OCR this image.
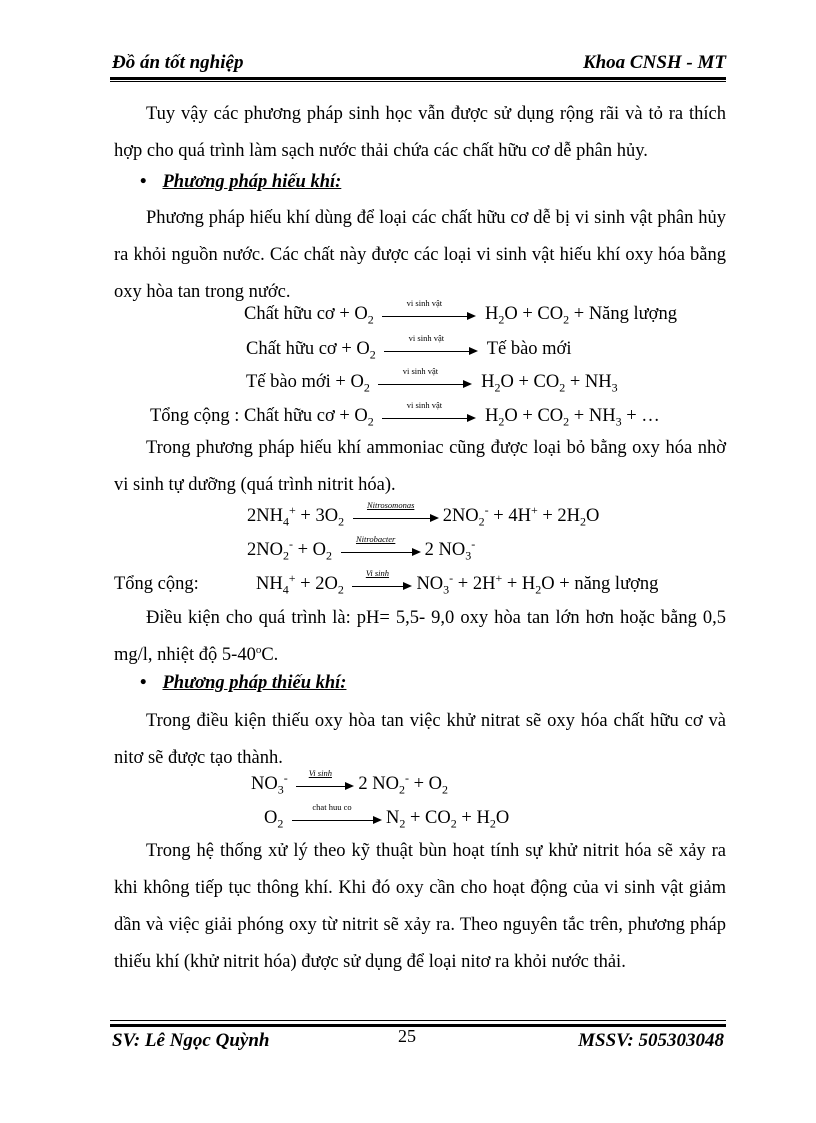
Đồ án tốt nghiệp	Khoa CNSH - MT

Tuy vậy các phương pháp sinh học vẫn được sử dụng rộng rãi và tỏ ra thích hợp cho quá trình làm sạch nước thải chứa các chất hữu cơ dễ phân hủy.

• Phương pháp hiếu khí:

Phương pháp hiếu khí dùng để loại các chất hữu cơ dễ bị vi sinh vật phân hủy ra khỏi nguồn nước. Các chất này được các loại vi sinh vật hiếu khí oxy hóa bằng oxy hòa tan trong nước.

Chất hữu cơ + $O_2$
vi sinh vật
$H_2O + CO_2$ + Năng lượng
Chất hữu cơ + $O_2$
vi sinh vật
Tế bào mới
Tế bào mới + $O_2$
vi sinh vật
$H_2O + CO_2 + NH_3$
Tổng cộng : Chất hữu cơ + $O_2$
vi sinh vật
$H_2O + CO_2 + NH_3$ + …

Trong phương pháp hiếu khí ammoniac cũng được loại bỏ bằng oxy hóa nhờ vi sinh tự dưỡng (quá trình nitrit hóa).

$2NH_4^+ + 3O_2$
Nitrosomonas
$2NO_2^- + 4H^+ + 2H_2O$
$2NO_2^- + O_2$
Nitrobacter
2 $NO_3^-$
Tổng cộng:	$NH_4^+ + 2O_2$
Vi sinh
$NO_3^- + 2H^+ + H_2O$ + năng lượng

Điều kiện cho quá trình là: pH= 5,5- 9,0 oxy hòa tan lớn hơn hoặc bằng 0,5 mg/l, nhiệt độ 5-40$^o$C.

• Phương pháp thiếu khí:

Trong điều kiện thiếu oxy hòa tan việc khử nitrat sẽ oxy hóa chất hữu cơ và nitơ sẽ được tạo thành.

$NO_3^-$	Vi sinh
2 $NO_2^- + O_2$
$O_2$
chat huu co
$N_2 + CO_2 + H_2O$

Trong hệ thống xử lý theo kỹ thuật bùn hoạt tính sự khử nitrit hóa sẽ xảy ra khi không tiếp tục thông khí. Khi đó oxy cần cho hoạt động của vi sinh vật giảm dần và việc giải phóng oxy từ nitrit sẽ xảy ra. Theo nguyên tắc trên, phương pháp thiếu khí (khử nitrit hóa) được sử dụng để loại nitơ ra khỏi nước thải.

SV: Lê Ngọc Quỳnh	25	MSSV: 505303048
